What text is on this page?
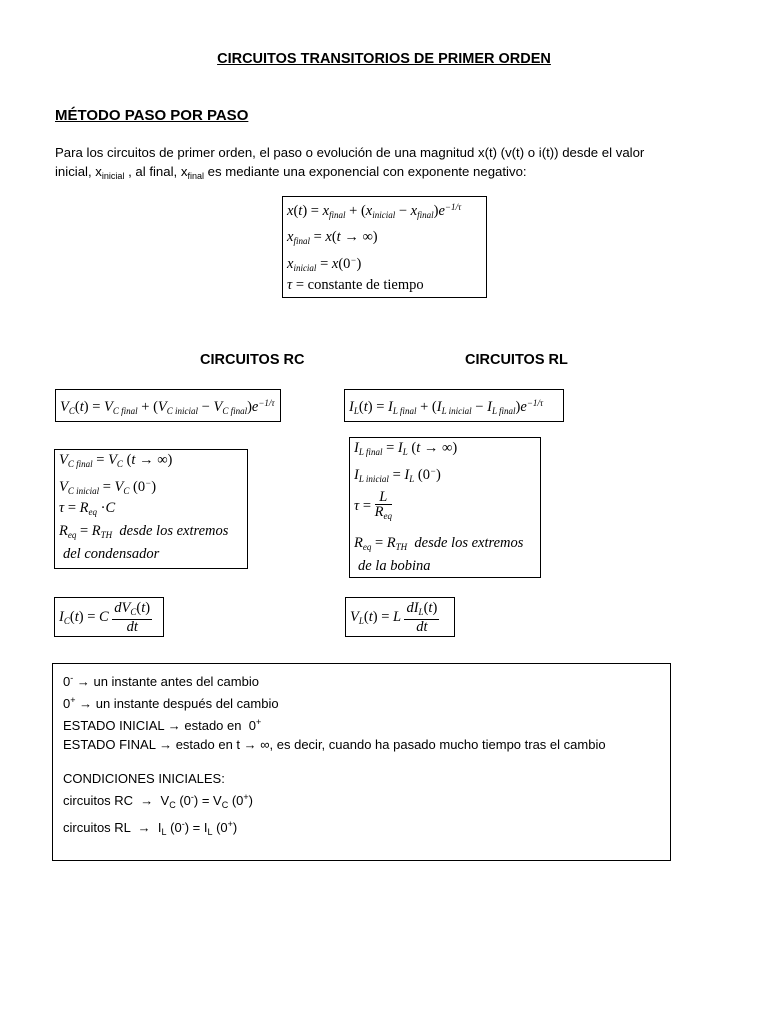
CIRCUITOS TRANSITORIOS DE PRIMER ORDEN
MÉTODO PASO POR PASO
Para los circuitos de primer orden, el paso o evolución de una magnitud x(t) (v(t) o i(t)) desde el valor
inicial, $x_{inicial}$ , al final, $x_{final}$ es mediante una exponencial con exponente negativo:
$x(t) = x_{final} + (x_{inicial} - x_{final})e^{-1/\tau}$
$x_{final} = x(t$ → ∞)
$x_{inicial} = x(0^-)$
τ = constante de tiempo
CIRCUITOS RC	CIRCUITOS RL
$V_C(t) = V_{C final} + (V_{C inicial} - V_{C final})e^{-1/\tau}$	$I_L(t) = I_{L final} + (I_{L inicial} - I_{L final})e^{-1/\tau}$
$V_{C final} = V_C$ (t → ∞)
$V_{C inicial} = V_C$ (0−)
$\tau = R_{eq} \cdot C$
$R_{eq} = R_{TH}$ desde los extremos
del condensador
$I_{L final} = I_L$ (t → ∞)
$I_{L inicial} = I_L$ (0−)
$\tau = \frac{L}{R_{eq}}$
$R_{eq} = R_{TH}$ desde los extremos
de la bobina
$I_C(t) = C \frac{dV_C(t)}{dt}$	$V_L(t) = L \frac{dI_L(t)}{dt}$
0- → un instante antes del cambio
0+ → un instante después del cambio
ESTADO INICIAL → estado en  0+
ESTADO FINAL → estado en t → ∞, es decir, cuando ha pasado mucho tiempo tras el cambio
CONDICIONES INICIALES:
circuitos RC  →  $V_C$ $(0^-) = V_C$ (0+)
circuitos RL  →  $I_L$ $(0^-) = I_L$ (0+)
